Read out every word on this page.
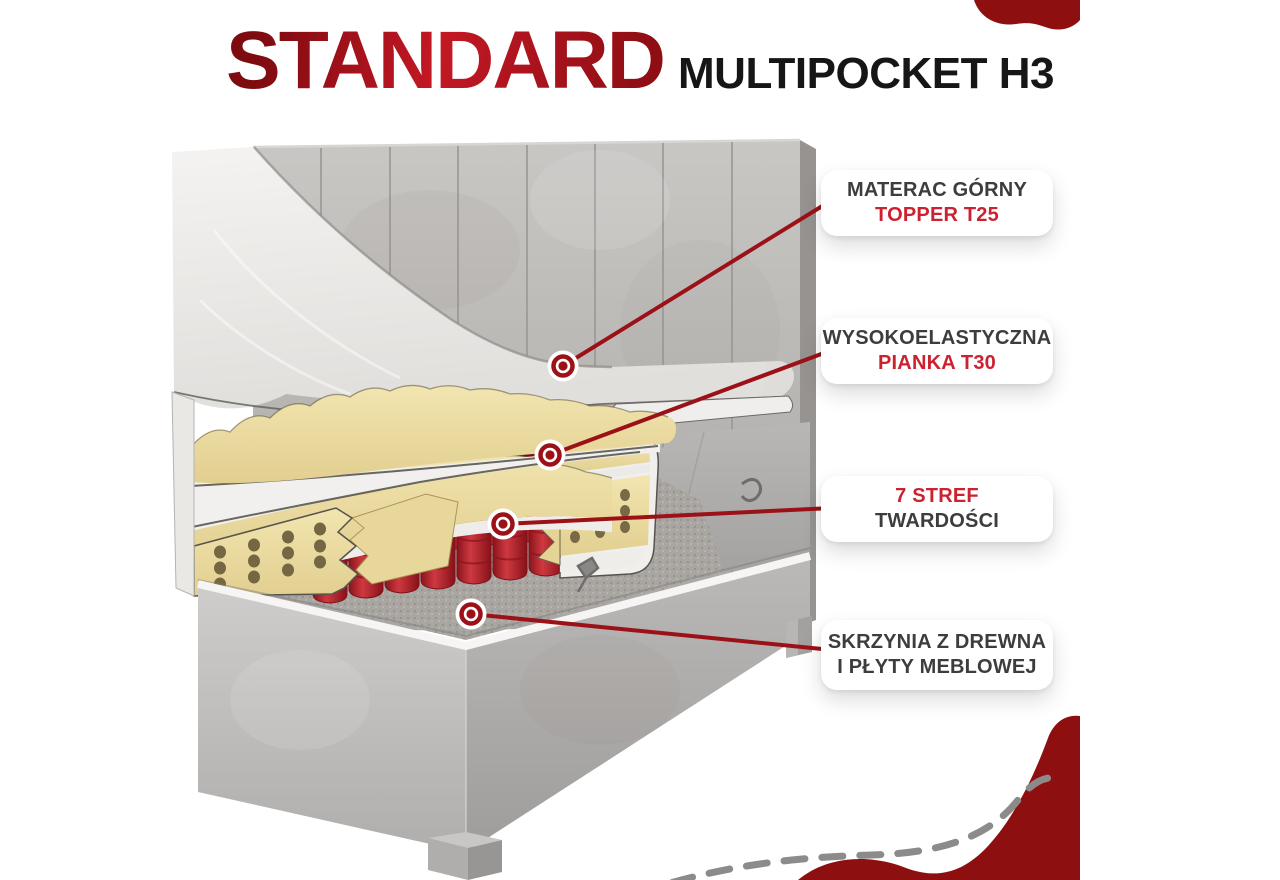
STANDARD MULTIPOCKET H3
MATERAC GÓRNY
TOPPER T25
WYSOKOELASTYCZNA
PIANKA T30
7 STREF
TWARDOŚCI
SKRZYNIA Z DREWNA
I PŁYTY MEBLOWEJ
